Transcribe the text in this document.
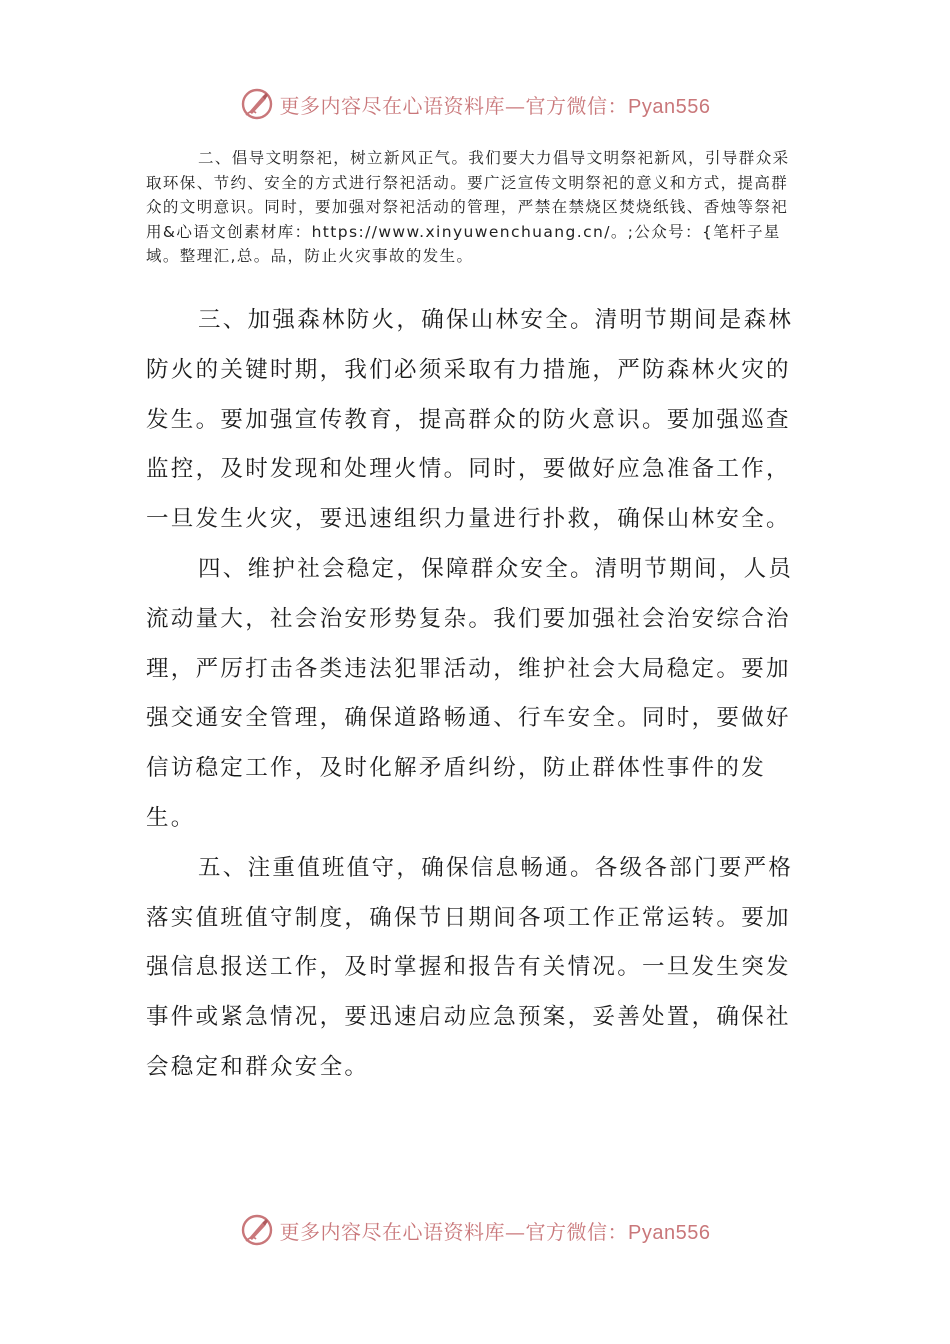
更多内容尽在心语资料库—官方微信：Pyan556

二、倡导文明祭祀，树立新风正气。我们要大力倡导文明祭祀新风，引导群众采取环保、节约、安全的方式进行祭祀活动。要广泛宣传文明祭祀的意义和方式，提高群众的文明意识。同时，要加强对祭祀活动的管理，严禁在禁烧区焚烧纸钱、香烛等祭祀用&心语文创素材库：https://www.xinyuwenchuang.cn/。;公众号：{笔杆子星域。整理汇,总。品，防止火灾事故的发生。

三、加强森林防火，确保山林安全。清明节期间是森林防火的关键时期，我们必须采取有力措施，严防森林火灾的发生。要加强宣传教育，提高群众的防火意识。要加强巡查监控，及时发现和处理火情。同时，要做好应急准备工作，一旦发生火灾，要迅速组织力量进行扑救，确保山林安全。

四、维护社会稳定，保障群众安全。清明节期间，人员流动量大，社会治安形势复杂。我们要加强社会治安综合治理，严厉打击各类违法犯罪活动，维护社会大局稳定。要加强交通安全管理，确保道路畅通、行车安全。同时，要做好信访稳定工作，及时化解矛盾纠纷，防止群体性事件的发生。

五、注重值班值守，确保信息畅通。各级各部门要严格落实值班值守制度，确保节日期间各项工作正常运转。要加强信息报送工作，及时掌握和报告有关情况。一旦发生突发事件或紧急情况，要迅速启动应急预案，妥善处置，确保社会稳定和群众安全。

更多内容尽在心语资料库—官方微信：Pyan556
